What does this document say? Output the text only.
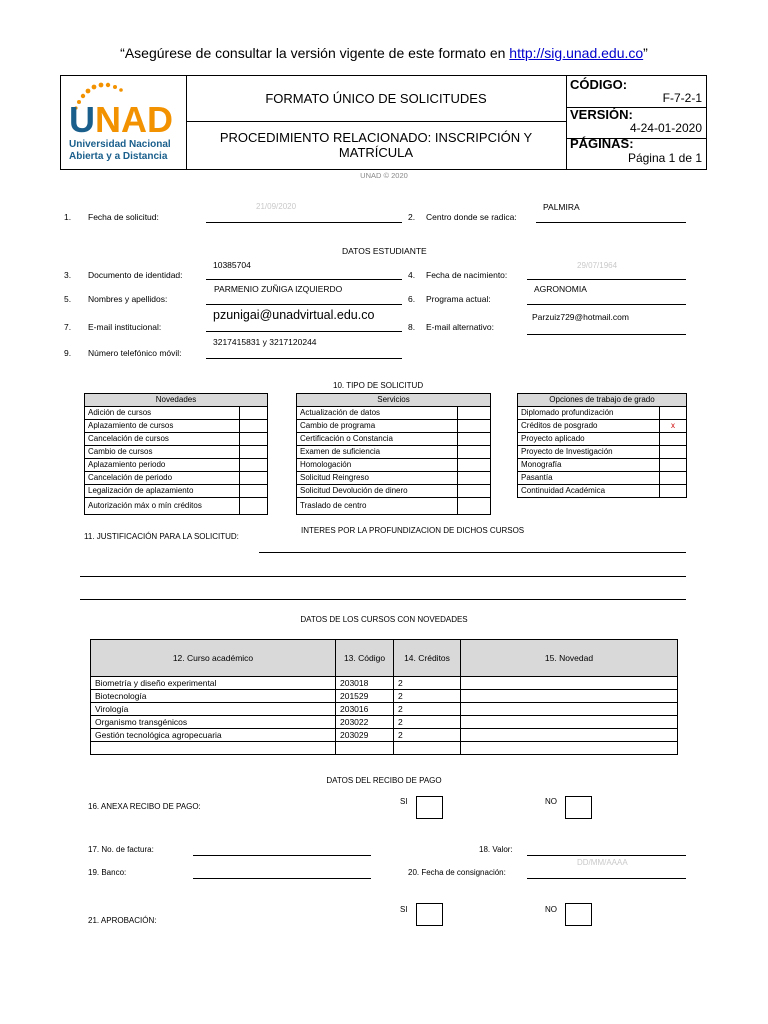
“Asegúrese de consultar la versión vigente de este formato en http://sig.unad.edu.co”
U NAD
Universidad Nacional
Abierta y a Distancia
FORMATO ÚNICO DE SOLICITUDES
PROCEDIMIENTO RELACIONADO: INSCRIPCIÓN Y MATRÍCULA
CÓDIGO:
F-7-2-1
VERSIÓN:
4-24-01-2020
PÁGINAS:
Página 1 de 1
UNAD © 2020
1. Fecha de solicitud:
21/09/2020
2. Centro donde se radica:
PALMIRA
DATOS ESTUDIANTE
3. Documento de identidad:
10385704
4. Fecha de nacimiento:
29/07/1964
5. Nombres y apellidos:
PARMENIO ZUÑIGA IZQUIERDO
6. Programa actual:
AGRONOMIA
7. E-mail institucional:
pzunigai@unadvirtual.edu.co
8. E-mail alternativo:
Parzuiz729@hotmail.com
9. Número telefónico móvil:
3217415831 y 3217120244
10. TIPO DE SOLICITUD
Novedades	
Adición de cursos	
Aplazamiento de cursos	
Cancelación de cursos	
Cambio de cursos	
Aplazamiento periodo	
Cancelación de periodo	
Legalización de aplazamiento	
Autorización máx o mín créditos	
Servicios	
Actualización de datos	
Cambio de programa	
Certificación o Constancia	
Examen de suficiencia	
Homologación	
Solicitud Reingreso	
Solicitud Devolución de dinero	
Traslado de centro	
Opciones de trabajo de grado	
Diplomado profundización	
Créditos de posgrado	x
Proyecto aplicado	
Proyecto de Investigación	
Monografía	
Pasantía	
Continuidad Académica	
11. JUSTIFICACIÓN PARA LA SOLICITUD:
INTERES POR LA PROFUNDIZACION DE DICHOS CURSOS
DATOS DE LOS CURSOS CON NOVEDADES
12. Curso académico	13. Código	14. Créditos	15. Novedad
Biometría y diseño experimental	203018	2	
Biotecnología	201529	2	
Virología	203016	2	
Organismo transgénicos	203022	2	
Gestión tecnológica agropecuaria	203029	2	

DATOS DEL RECIBO DE PAGO
16. ANEXA RECIBO DE PAGO:
SI	NO
17. No. de factura:	18. Valor:
19. Banco:	20. Fecha de consignación:
DD/MM/AAAA
21. APROBACIÓN:
SI	NO
